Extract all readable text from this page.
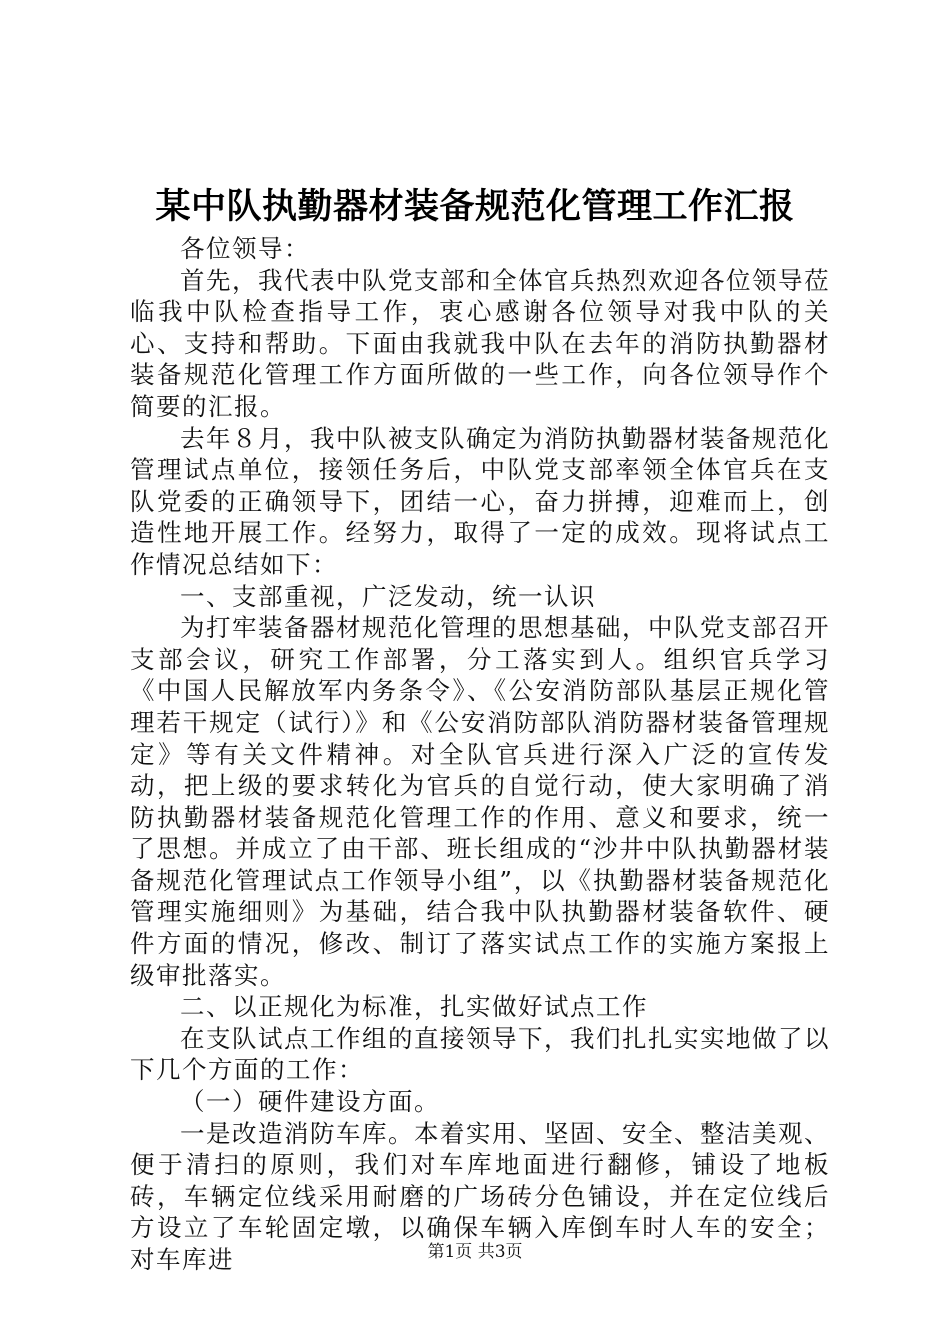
某中队执勤器材装备规范化管理工作汇报

各位领导：

首先，我代表中队党支部和全体官兵热烈欢迎各位领导莅临我中队检查指导工作，衷心感谢各位领导对我中队的关心、支持和帮助。下面由我就我中队在去年的消防执勤器材装备规范化管理工作方面所做的一些工作，向各位领导作个简要的汇报。

去年８月，我中队被支队确定为消防执勤器材装备规范化管理试点单位，接领任务后，中队党支部率领全体官兵在支队党委的正确领导下，团结一心，奋力拼搏，迎难而上，创造性地开展工作。经努力，取得了一定的成效。现将试点工作情况总结如下：

一、支部重视，广泛发动，统一认识

为打牢装备器材规范化管理的思想基础，中队党支部召开支部会议，研究工作部署，分工落实到人。组织官兵学习《中国人民解放军内务条令》、《公安消防部队基层正规化管理若干规定（试行）》和《公安消防部队消防器材装备管理规定》等有关文件精神。对全队官兵进行深入广泛的宣传发动，把上级的要求转化为官兵的自觉行动，使大家明确了消防执勤器材装备规范化管理工作的作用、意义和要求，统一了思想。并成立了由干部、班长组成的“沙井中队执勤器材装备规范化管理试点工作领导小组”，以《执勤器材装备规范化管理实施细则》为基础，结合我中队执勤器材装备软件、硬件方面的情况，修改、制订了落实试点工作的实施方案报上级审批落实。

二、以正规化为标准，扎实做好试点工作

在支队试点工作组的直接领导下，我们扎扎实实地做了以下几个方面的工作：

（一）硬件建设方面。

一是改造消防车库。本着实用、坚固、安全、整洁美观、便于清扫的原则，我们对车库地面进行翻修，铺设了地板砖，车辆定位线采用耐磨的广场砖分色铺设，并在定位线后方设立了车轮固定墩，以确保车辆入库倒车时人车的安全；对车库进	第1页 共3页
